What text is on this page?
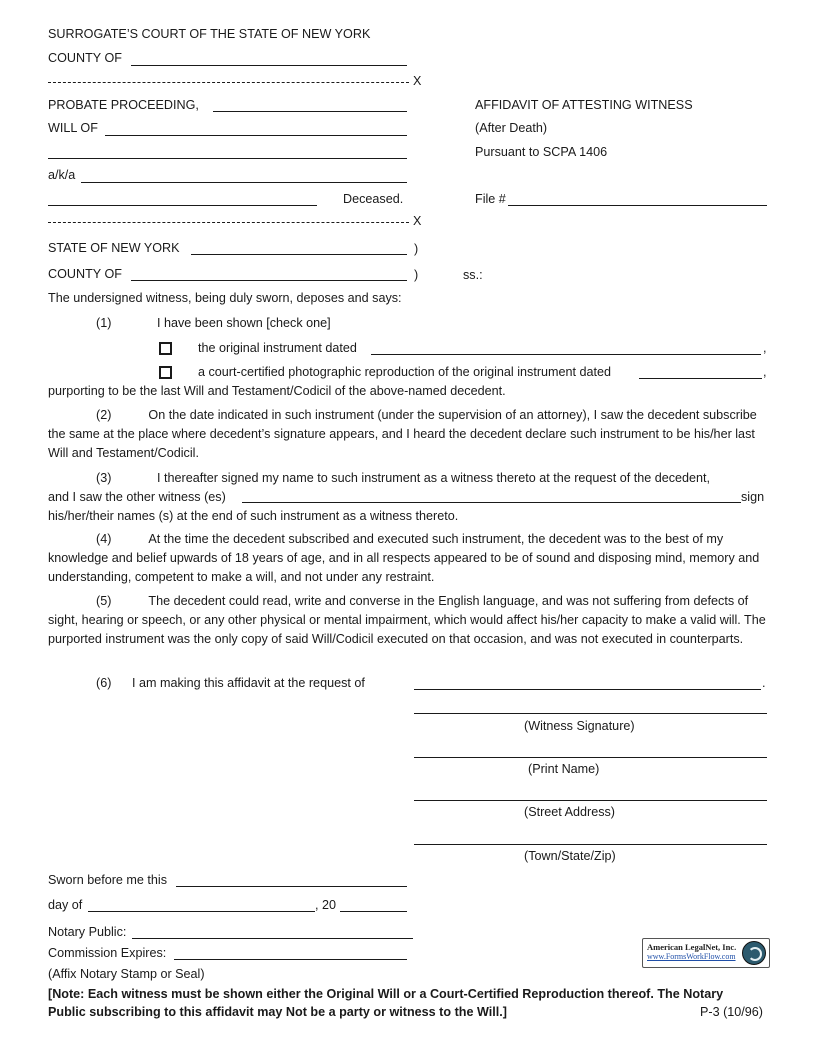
SURROGATE’S COURT OF THE STATE OF NEW YORK
COUNTY OF
X
PROBATE PROCEEDING,
WILL OF
a/k/a
Deceased.
X
AFFIDAVIT OF ATTESTING WITNESS
(After Death)
Pursuant to SCPA 1406
File #
STATE OF NEW YORK	)
COUNTY OF	)	ss.:
The undersigned witness, being duly sworn, deposes and says:
(1)	I have been shown [check one]
the original instrument dated	,
a court-certified photographic reproduction of the original instrument dated	,
purporting to be the last Will and Testament/Codicil of the above-named decedent.
(2)	On the date indicated in such instrument (under the supervision of an attorney), I saw the decedent subscribe the same at the place where decedent’s signature appears, and I heard the decedent declare such instrument to be his/her last Will and Testament/Codicil.
(3)	I thereafter signed my name to such instrument as a witness thereto at the request of the decedent,
and I saw the other witness (es)	sign
his/her/their names (s) at the end of such instrument as a witness thereto.
(4)	At the time the decedent subscribed and executed such instrument, the decedent was to the best of my knowledge and belief upwards of 18 years of age, and in all respects appeared to be of sound and disposing mind, memory and understanding, competent to make a will, and not under any restraint.
(5)	The decedent could read, write and converse in the English language, and was not suffering from defects of sight, hearing or speech, or any other physical or mental impairment, which would affect his/her capacity to make a valid will. The purported instrument was the only copy of said Will/Codicil executed on that occasion, and was not executed in counterparts.
(6) I am making this affidavit at the request of	.
(Witness Signature)
(Print Name)
(Street Address)
(Town/State/Zip)
Sworn before me this
day of	, 20
Notary Public:
Commission Expires:
(Affix Notary Stamp or Seal)
[Note: Each witness must be shown either the Original Will or a Court-Certified Reproduction thereof. The Notary
Public subscribing to this affidavit may Not be a party or witness to the Will.]	P-3 (10/96)
American LegalNet, Inc.
www.FormsWorkFlow.com
